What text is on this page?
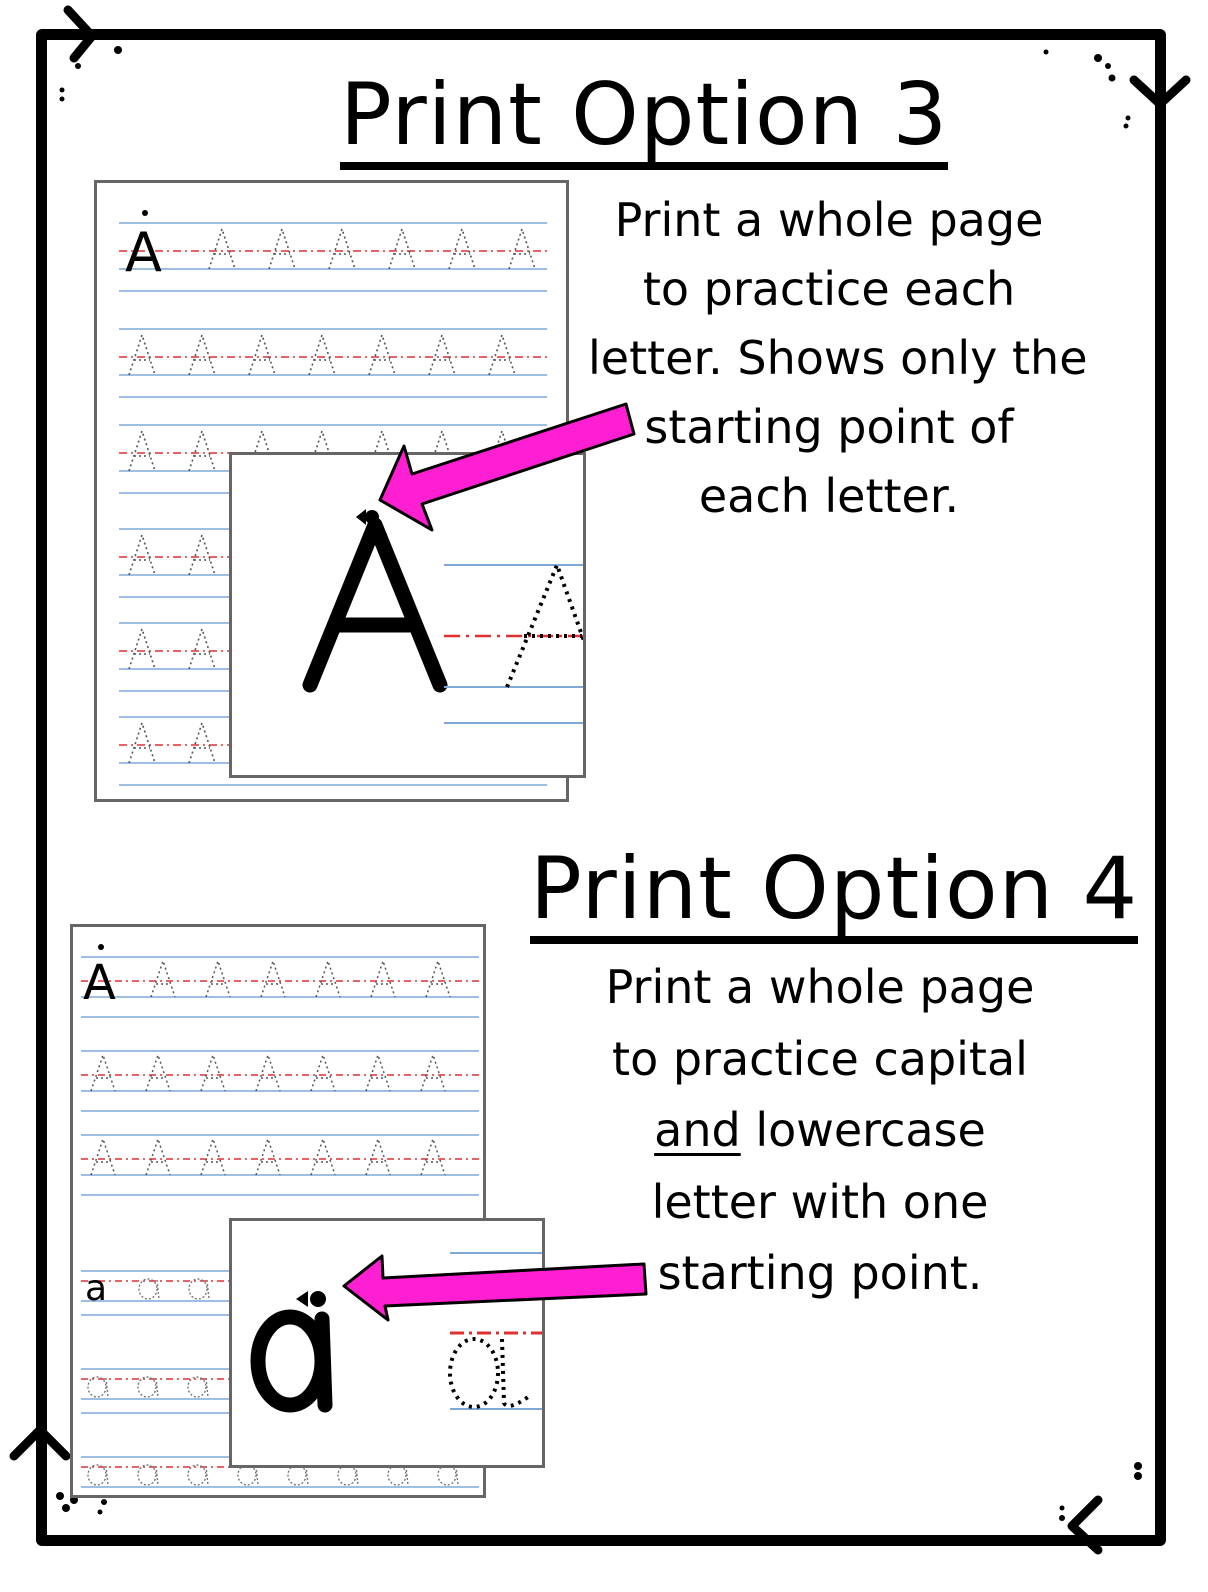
Print Option 3

Print a whole page
to practice each
letter. Shows only the
starting point of
each letter.

A
Print Option 4

Print a whole page
to practice capital
and lowercase
letter with one
starting point.

A
a
